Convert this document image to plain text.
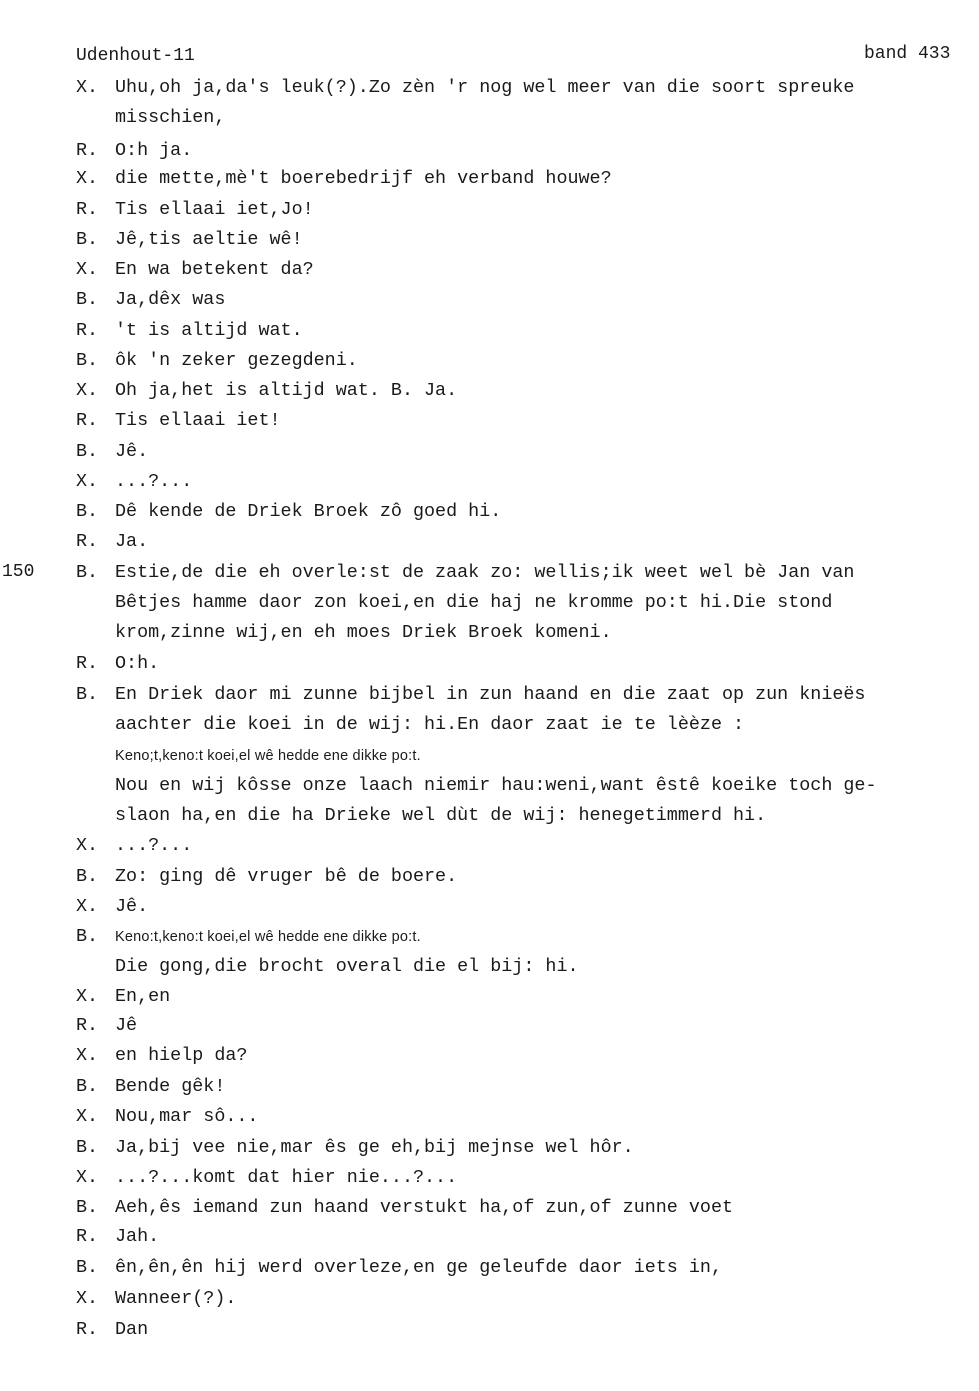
Udenhout-11	band 433
150
X. Uhu,oh ja,da's leuk(?).Zo zèn 'r nog wel meer van die soort spreuke
misschien,
R. O:h ja.
X. die mette,mè't boerebedrijf eh verband houwe?
R. Tis ellaai iet,Jo!
B. Jê,tis aeltie wê!
X. En wa betekent da?
B. Ja,dêx was
R. 't is altijd wat.
B. ôk 'n zeker gezegdeni.
X. Oh ja,het is altijd wat. B. Ja.
R. Tis ellaai iet!
B. Jê.
X. ...?...
B. Dê kende de Driek Broek zô goed hi.
R. Ja.
B. Estie,de die eh overle:st de zaak zo: wellis;ik weet wel bè Jan van
Bêtjes hamme daor zon koei,en die haj ne kromme po:t hi.Die stond
krom,zinne wij,en eh moes Driek Broek komeni.
R. O:h.
B. En Driek daor mi zunne bijbel in zun haand en die zaat op zun knieës
aachter die koei in de wij: hi.En daor zaat ie te lèèze :
Keno;t,keno:t koei,el wê hedde ene dikke po:t.
Nou en wij kôsse onze laach niemir hau:weni,want êstê koeike toch ge-
slaon ha,en die ha Drieke wel dùt de wij: henegetimmerd hi.
X. ...?...
B. Zo: ging dê vruger bê de boere.
X. Jê.
B. Keno:t,keno:t koei,el wê hedde ene dikke po:t.
Die gong,die brocht overal die el bij: hi.
X. En,en
R. Jê
X. en hielp da?
B. Bende gêk!
X. Nou,mar sô...
B. Ja,bij vee nie,mar ês ge eh,bij mejnse wel hôr.
X. ...?...komt dat hier nie...?...
B. Aeh,ês iemand zun haand verstukt ha,of zun,of zunne voet
R. Jah.
B. ên,ên,ên hij werd overleze,en ge geleufde daor iets in,
X. Wanneer(?).
R. Dan
